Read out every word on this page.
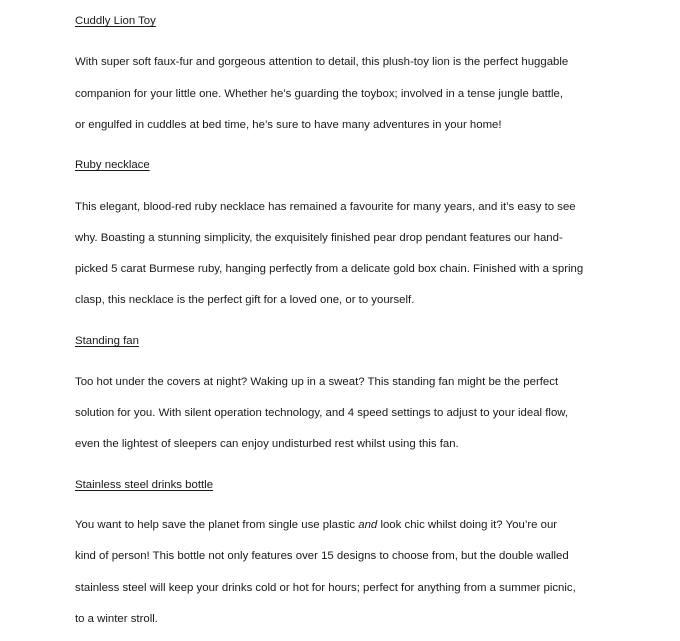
Cuddly Lion Toy
With super soft faux-fur and gorgeous attention to detail, this plush-toy lion is the perfect huggable
companion for your little one. Whether he’s guarding the toybox; involved in a tense jungle battle,
or engulfed in cuddles at bed time, he’s sure to have many adventures in your home!
Ruby necklace
This elegant, blood-red ruby necklace has remained a favourite for many years, and it’s easy to see
why. Boasting a stunning simplicity, the exquisitely finished pear drop pendant features our hand-
picked 5 carat Burmese ruby, hanging perfectly from a delicate gold box chain. Finished with a spring
clasp, this necklace is the perfect gift for a loved one, or to yourself.
Standing fan
Too hot under the covers at night? Waking up in a sweat? This standing fan might be the perfect
solution for you. With silent operation technology, and 4 speed settings to adjust to your ideal flow,
even the lightest of sleepers can enjoy undisturbed rest whilst using this fan.
Stainless steel drinks bottle
You want to help save the planet from single use plastic and look chic whilst doing it? You’re our
kind of person! This bottle not only features over 15 designs to choose from, but the double walled
stainless steel will keep your drinks cold or hot for hours; perfect for anything from a summer picnic,
to a winter stroll.
